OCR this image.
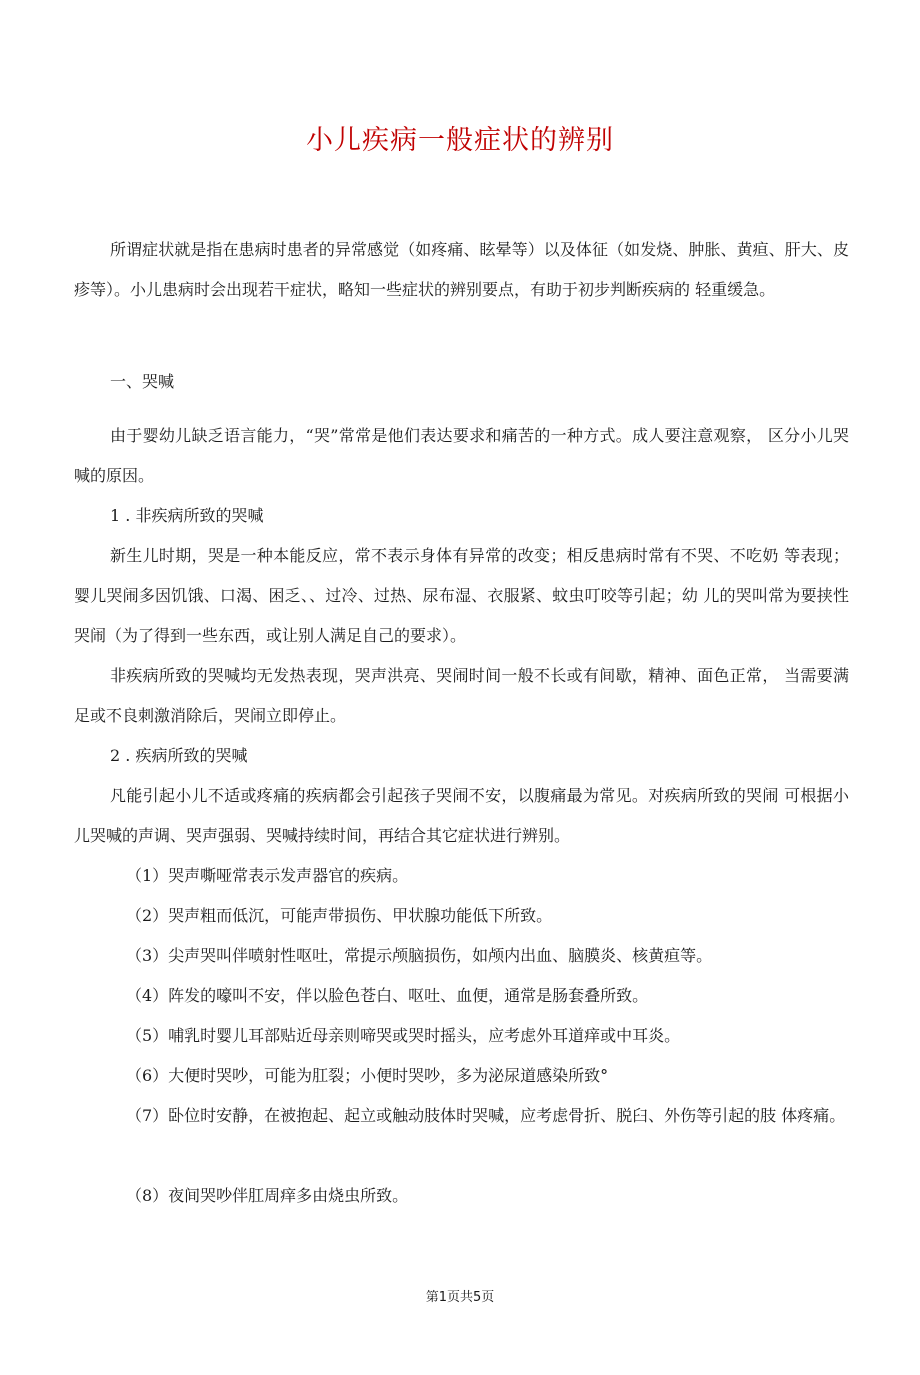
小儿疾病一般症状的辨别

所谓症状就是指在患病时患者的异常感觉（如疼痛、眩晕等）以及体征（如发烧、肿胀、黄疸、肝大、皮疹等）。小儿患病时会出现若干症状，略知一些症状的辨别要点，有助于初步判断疾病的 轻重缓急。

一、哭喊

由于婴幼儿缺乏语言能力，“哭”常常是他们表达要求和痛苦的一种方式。成人要注意观察， 区分小儿哭喊的原因。

1 . 非疾病所致的哭喊

新生儿时期，哭是一种本能反应，常不表示身体有异常的改变；相反患病时常有不哭、不吃奶 等表现；婴儿哭闹多因饥饿、口渴、困乏、、过冷、过热、尿布湿、衣服紧、蚊虫叮咬等引起；幼 儿的哭叫常为要挟性哭闹（为了得到一些东西，或让别人满足自己的要求）。

非疾病所致的哭喊均无发热表现，哭声洪亮、哭闹时间一般不长或有间歇，精神、面色正常， 当需要满足或不良刺激消除后，哭闹立即停止。

2 . 疾病所致的哭喊

凡能引起小儿不适或疼痛的疾病都会引起孩子哭闹不安，以腹痛最为常见。对疾病所致的哭闹 可根据小儿哭喊的声调、哭声强弱、哭喊持续时间，再结合其它症状进行辨别。

（1）哭声嘶哑常表示发声器官的疾病。

（2）哭声粗而低沉，可能声带损伤、甲状腺功能低下所致。

（3）尖声哭叫伴喷射性呕吐，常提示颅脑损伤，如颅内出血、脑膜炎、核黄疸等。

（4）阵发的嚎叫不安，伴以脸色苍白、呕吐、血便，通常是肠套叠所致。

（5）哺乳时婴儿耳部贴近母亲则啼哭或哭时摇头，应考虑外耳道痒或中耳炎。

（6）大便时哭吵，可能为肛裂；小便时哭吵，多为泌尿道感染所致°

（7）卧位时安静，在被抱起、起立或触动肢体时哭喊，应考虑骨折、脱臼、外伤等引起的肢 体疼痛。

（8）夜间哭吵伴肛周痒多由烧虫所致。

第1页共5页
